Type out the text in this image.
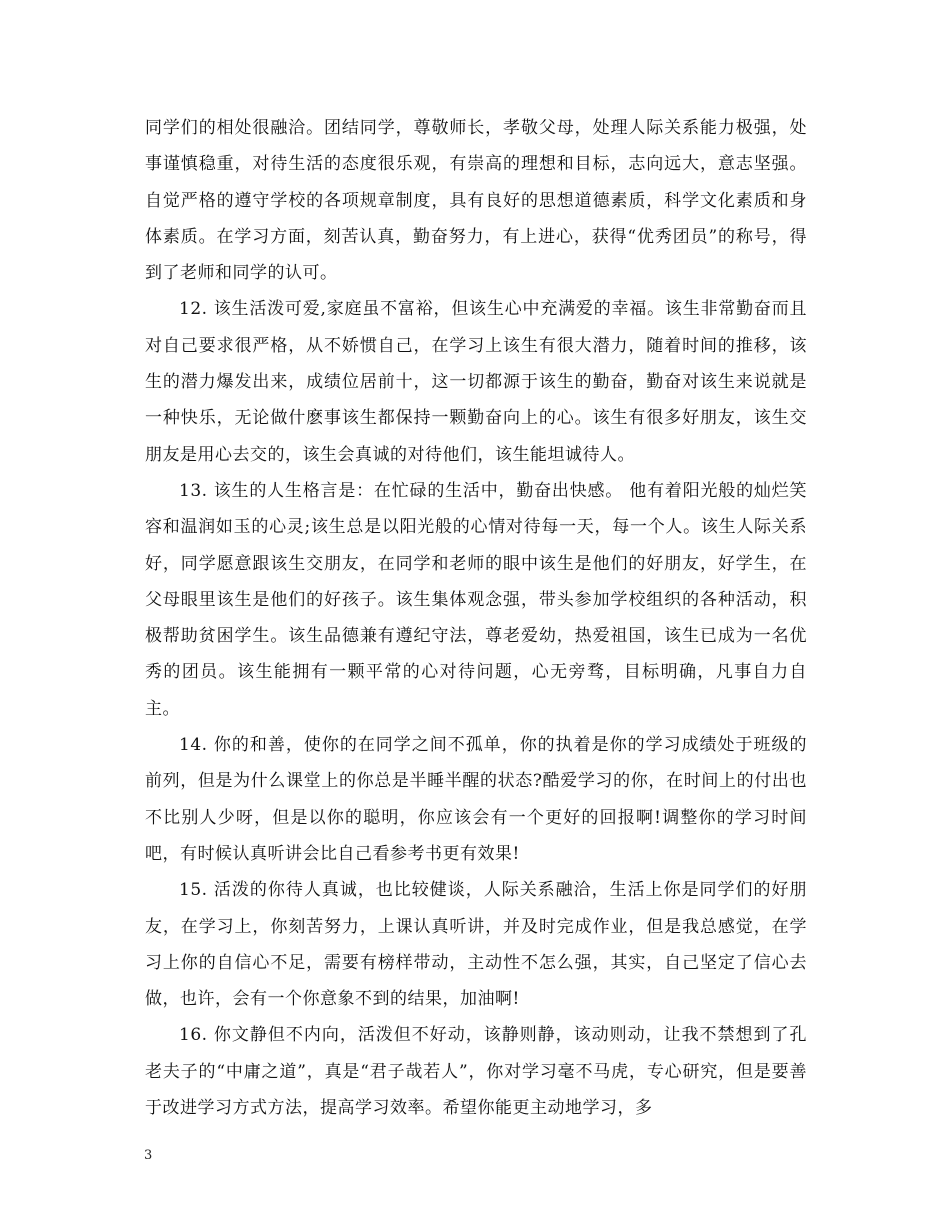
同学们的相处很融洽。团结同学，尊敬师长，孝敬父母，处理人际关系能力极强，处事谨慎稳重，对待生活的态度很乐观，有崇高的理想和目标，志向远大，意志坚强。自觉严格的遵守学校的各项规章制度，具有良好的思想道德素质，科学文化素质和身体素质。在学习方面，刻苦认真，勤奋努力，有上进心，获得“优秀团员”的称号，得到了老师和同学的认可。

12. 该生活泼可爱,家庭虽不富裕，但该生心中充满爱的幸福。该生非常勤奋而且对自己要求很严格，从不娇惯自己，在学习上该生有很大潜力，随着时间的推移，该生的潜力爆发出来，成绩位居前十，这一切都源于该生的勤奋，勤奋对该生来说就是一种快乐，无论做什麽事该生都保持一颗勤奋向上的心。该生有很多好朋友，该生交朋友是用心去交的，该生会真诚的对待他们，该生能坦诚待人。

13. 该生的人生格言是：在忙碌的生活中，勤奋出快感。 他有着阳光般的灿烂笑容和温润如玉的心灵;该生总是以阳光般的心情对待每一天，每一个人。该生人际关系好，同学愿意跟该生交朋友，在同学和老师的眼中该生是他们的好朋友，好学生，在父母眼里该生是他们的好孩子。该生集体观念强，带头参加学校组织的各种活动，积极帮助贫困学生。该生品德兼有遵纪守法，尊老爱幼，热爱祖国，该生已成为一名优秀的团员。该生能拥有一颗平常的心对待问题，心无旁骛，目标明确，凡事自力自主。

14. 你的和善，使你的在同学之间不孤单，你的执着是你的学习成绩处于班级的前列，但是为什么课堂上的你总是半睡半醒的状态?酷爱学习的你，在时间上的付出也不比别人少呀，但是以你的聪明，你应该会有一个更好的回报啊!调整你的学习时间吧，有时候认真听讲会比自己看参考书更有效果!

15. 活泼的你待人真诚，也比较健谈，人际关系融洽，生活上你是同学们的好朋友，在学习上，你刻苦努力，上课认真听讲，并及时完成作业，但是我总感觉，在学习上你的自信心不足，需要有榜样带动，主动性不怎么强，其实，自己坚定了信心去做，也许，会有一个你意象不到的结果，加油啊!

16. 你文静但不内向，活泼但不好动，该静则静，该动则动，让我不禁想到了孔老夫子的“中庸之道”，真是“君子哉若人”，你对学习毫不马虎，专心研究，但是要善于改进学习方式方法，提高学习效率。希望你能更主动地学习，多

3
